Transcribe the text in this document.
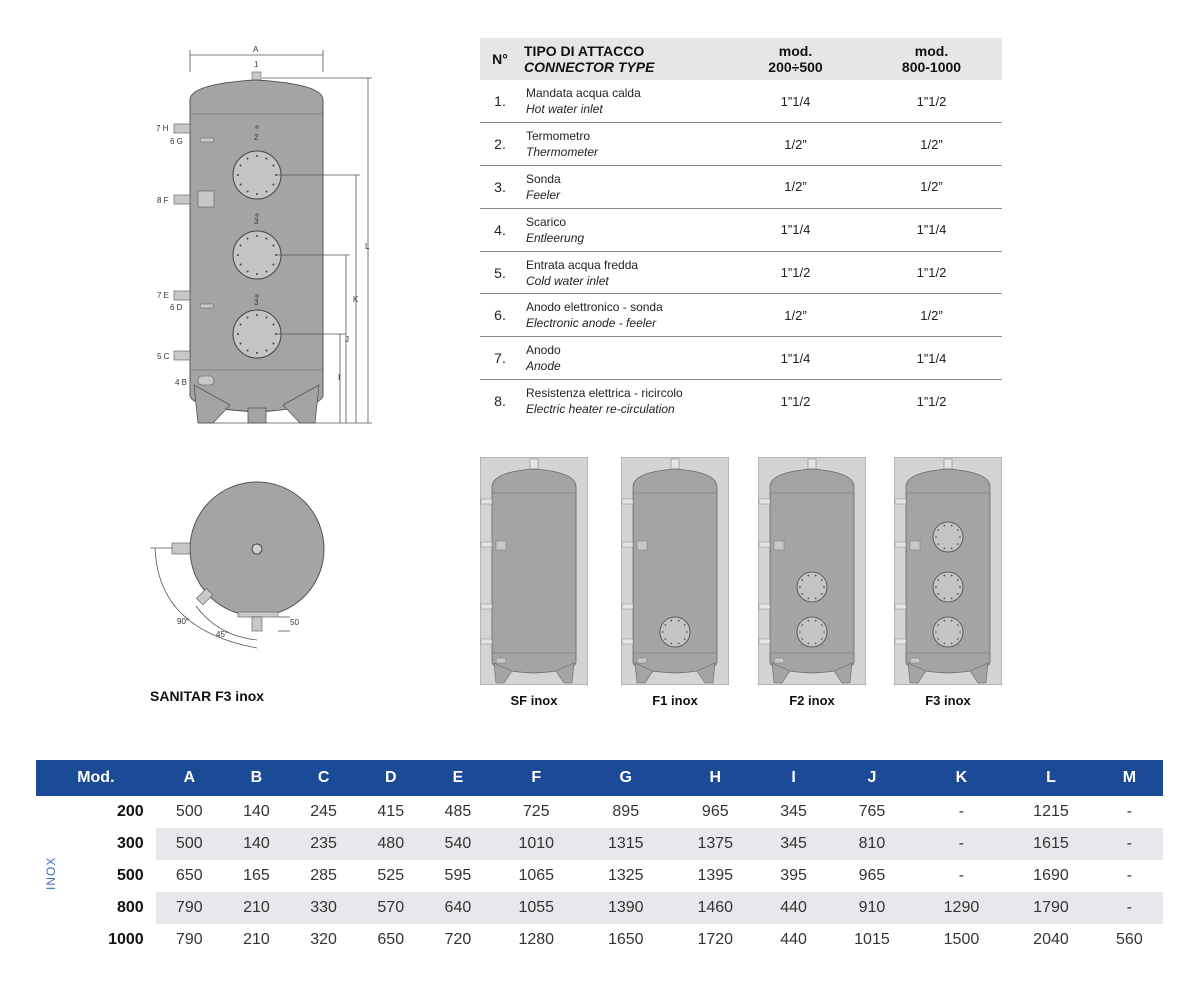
A
1
2
3
3
7 H
6 G
8 F
7 E
6 D
5 C
4 B
L
K
J
I
90°
45°
50
SANITAR F3 inox
N°	TIPO DI ATTACCO
CONNECTOR TYPE	mod.
200÷500	mod.
800-1000

1.	Mandata acqua calda
Hot water inlet	1”1/4	1”1/2
2.	Termometro
Thermometer	1/2”	1/2”
3.	Sonda
Feeler	1/2”	1/2”
4.	Scarico
Entleerung	1”1/4	1”1/4
5.	Entrata acqua fredda
Cold water inlet	1”1/2	1”1/2
6.	Anodo elettronico - sonda
Electronic anode - feeler	1/2”	1/2”
7.	Anodo
Anode	1”1/4	1”1/4
8.	Resistenza elettrica - ricircolo
Electric heater re-circulation	1”1/2	1”1/2
SF inox	F1 inox	F2 inox	F3 inox
Mod.	A	B	C	D	E	F	G	H	I	J	K	L	M
200	500	140	245	415	485	725	895	965	345	765	-	1215	-
300	500	140	235	480	540	1010	1315	1375	345	810	-	1615	-
500	650	165	285	525	595	1065	1325	1395	395	965	-	1690	-
800	790	210	330	570	640	1055	1390	1460	440	910	1290	1790	-
1000	790	210	320	650	720	1280	1650	1720	440	1015	1500	2040	560
INOX
